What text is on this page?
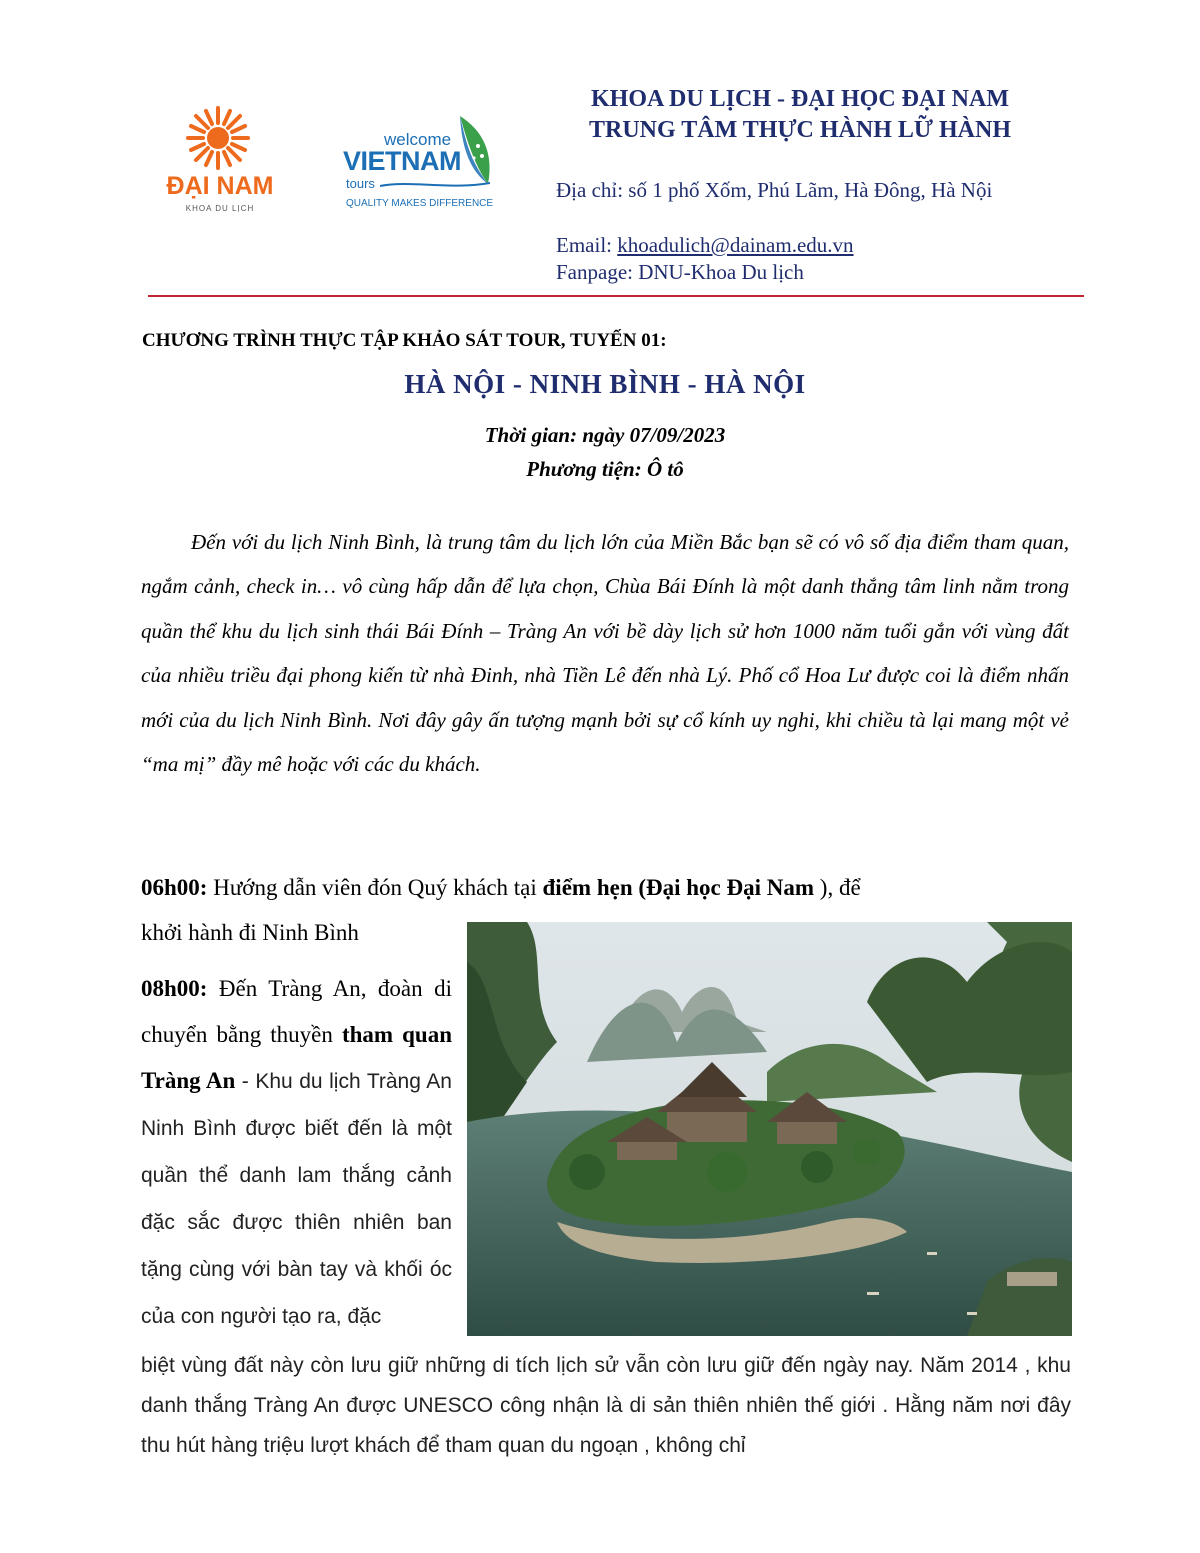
ĐẠI NAM
KHOA DU LỊCH
welcome
VIETNAM
tours
QUALITY MAKES DIFFERENCE
KHOA DU LỊCH - ĐẠI HỌC ĐẠI NAM
TRUNG TÂM THỰC HÀNH LỮ HÀNH
Địa chỉ: số 1 phố Xốm, Phú Lãm, Hà Đông, Hà Nội
Email: khoadulich@dainam.edu.vn
Fanpage: DNU-Khoa Du lịch
CHƯƠNG TRÌNH THỰC TẬP KHẢO SÁT TOUR, TUYẾN 01:
HÀ NỘI - NINH BÌNH - HÀ NỘI
Thời gian: ngày 07/09/2023
Phương tiện: Ô tô
Đến với du lịch Ninh Bình, là trung tâm du lịch lớn của Miền Bắc bạn sẽ có vô số địa điểm tham quan, ngắm cảnh, check in… vô cùng hấp dẫn để lựa chọn, Chùa Bái Đính là một danh thắng tâm linh nằm trong quần thể khu du lịch sinh thái Bái Đính – Tràng An với bề dày lịch sử hơn 1000 năm tuổi gắn với vùng đất của nhiều triều đại phong kiến từ nhà Đinh, nhà Tiền Lê đến nhà Lý. Phố cổ Hoa Lư được coi là điểm nhấn mới của du lịch Ninh Bình. Nơi đây gây ấn tượng mạnh bởi sự cổ kính uy nghi, khi chiều tà lại mang một vẻ “ma mị” đầy mê hoặc với các du khách.
06h00: Hướng dẫn viên đón Quý khách tại điểm hẹn (Đại học Đại Nam ), để
khởi hành đi Ninh Bình
08h00: Đến Tràng An, đoàn di chuyển bằng thuyền tham quan Tràng An - Khu du lịch Tràng An Ninh Bình được biết đến là một quần thể danh lam thắng cảnh đặc sắc được thiên nhiên ban tặng cùng với bàn tay và khối óc của con người tạo ra, đặc
biệt vùng đất này còn lưu giữ những di tích lịch sử vẫn còn lưu giữ đến ngày nay. Năm 2014 , khu danh thắng Tràng An được UNESCO công nhận là di sản thiên nhiên thế giới . Hằng năm nơi đây thu hút hàng triệu lượt khách để tham quan du ngoạn , không chỉ
